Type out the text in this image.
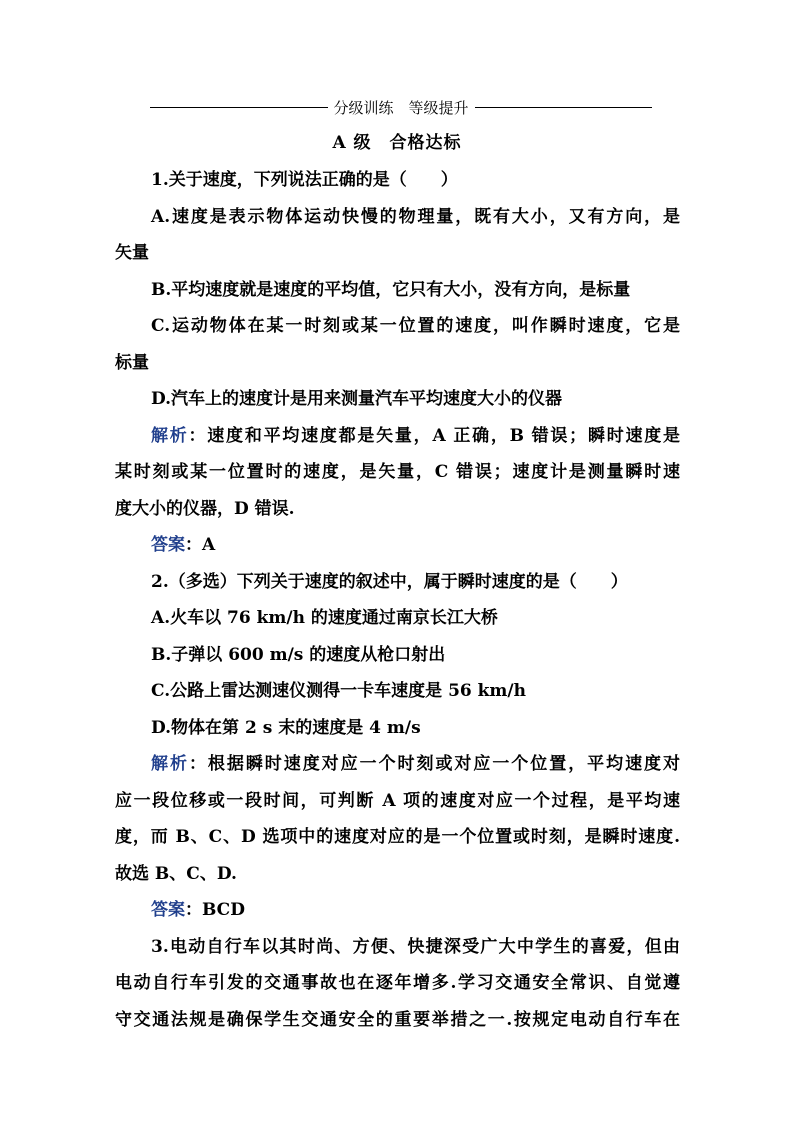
分级训练　等级提升
A 级　合格达标
1.关于速度，下列说法正确的是（　　）
A.速度是表示物体运动快慢的物理量，既有大小，又有方向，是
矢量
B.平均速度就是速度的平均值，它只有大小，没有方向，是标量
C.运动物体在某一时刻或某一位置的速度，叫作瞬时速度，它是
标量
D.汽车上的速度计是用来测量汽车平均速度大小的仪器
解析：速度和平均速度都是矢量，A 正确，B 错误；瞬时速度是
某时刻或某一位置时的速度，是矢量，C 错误；速度计是测量瞬时速
度大小的仪器，D 错误.
答案：A
2.（多选）下列关于速度的叙述中，属于瞬时速度的是（　　）
A.火车以 76 km/h 的速度通过南京长江大桥
B.子弹以 600 m/s 的速度从枪口射出
C.公路上雷达测速仪测得一卡车速度是 56 km/h
D.物体在第 2 s 末的速度是 4 m/s
解析：根据瞬时速度对应一个时刻或对应一个位置，平均速度对
应一段位移或一段时间，可判断 A 项的速度对应一个过程，是平均速
度，而 B、C、D 选项中的速度对应的是一个位置或时刻，是瞬时速度.
故选 B、C、D.
答案：BCD
3.电动自行车以其时尚、方便、快捷深受广大中学生的喜爱，但由
电动自行车引发的交通事故也在逐年增多.学习交通安全常识、自觉遵
守交通法规是确保学生交通安全的重要举措之一.按规定电动自行车在
